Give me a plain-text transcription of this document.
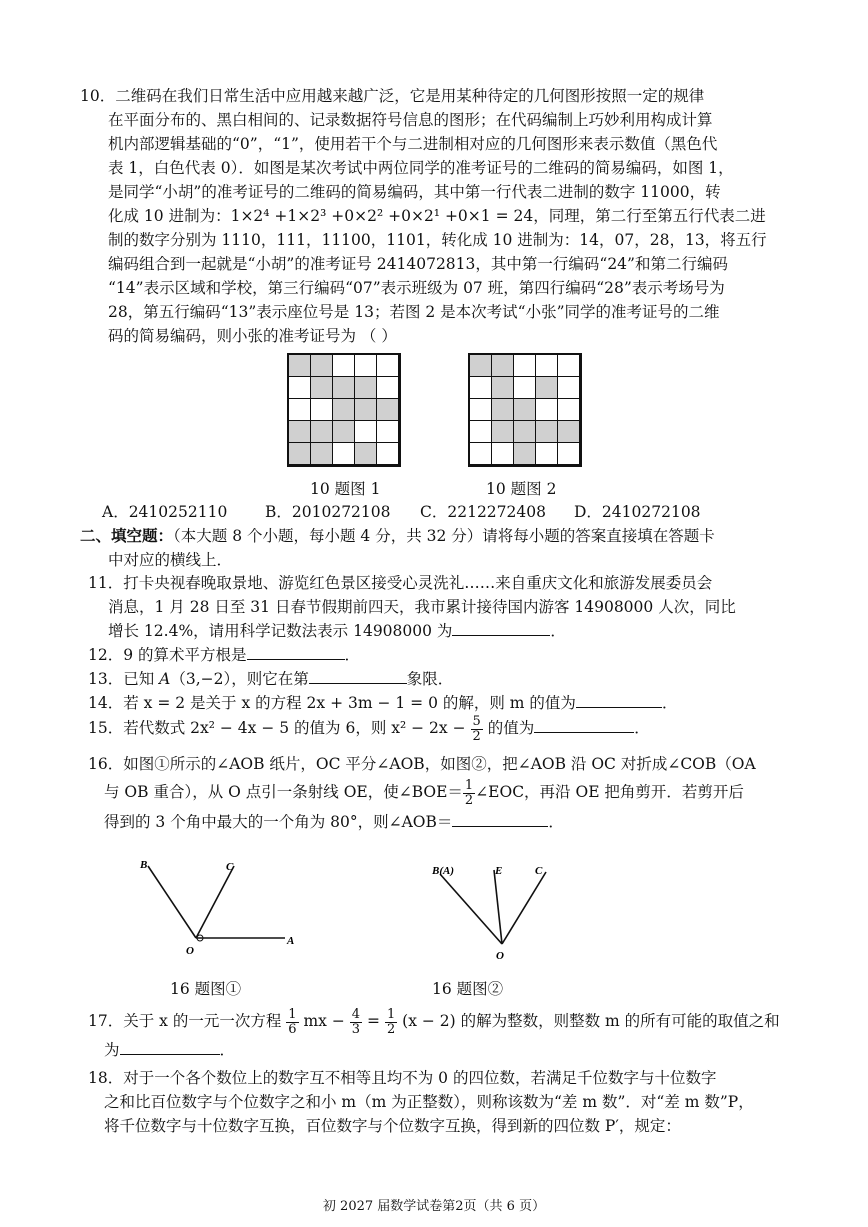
10．二维码在我们日常生活中应用越来越广泛，它是用某种待定的几何图形按照一定的规律
在平面分布的、黑白相间的、记录数据符号信息的图形；在代码编制上巧妙利用构成计算
机内部逻辑基础的“0”，“1”，使用若干个与二进制相对应的几何图形来表示数值（黑色代
表 1，白色代表 0）．如图是某次考试中两位同学的准考证号的二维码的简易编码，如图 1，
是同学“小胡”的准考证号的二维码的简易编码，其中第一行代表二进制的数字 11000，转
化成 10 进制为：1×2⁴ +1×2³ +0×2² +0×2¹ +0×1 = 24，同理，第二行至第五行代表二进
制的数字分别为 1110，111，11100，1101，转化成 10 进制为：14，07，28，13，将五行
编码组合到一起就是“小胡”的准考证号 2414072813，其中第一行编码“24”和第二行编码
“14”表示区域和学校，第三行编码“07”表示班级为 07 班，第四行编码“28”表示考场号为
28，第五行编码“13”表示座位号是 13；若图 2 是本次考试“小张”同学的准考证号的二维
码的简易编码，则小张的准考证号为 （ ）
10 题图 1	10 题图 2
A．2410252110 B．2010272108 C．2212272408 D．2410272108
二、填空题：（本大题 8 个小题，每小题 4 分，共 32 分）请将每小题的答案直接填在答题卡
中对应的横线上．
11．打卡央视春晚取景地、游览红色景区接受心灵洗礼……来自重庆文化和旅游发展委员会
消息，1 月 28 日至 31 日春节假期前四天，我市累计接待国内游客 14908000 人次，同比
增长 12.4%，请用科学记数法表示 14908000 为	．
12．9 的算术平方根是	．
13．已知 A（3,−2），则它在第	象限．
14．若 x = 2 是关于 x 的方程 2x + 3m − 1 = 0 的解，则 m 的值为	．
15．若代数式 2x² − 4x − 5 的值为 6，则 $x^2 - 2x - \frac{5}{2}$ 的值为	．
16．如图①所示的∠AOB 纸片，OC 平分∠AOB，如图②，把∠AOB 沿 OC 对折成∠COB（OA
与 OB 重合），从 O 点引一条射线 OE，使∠BOE＝ $\frac{1}{2}$ ∠EOC，再沿 OE 把角剪开．若剪开后
得到的 3 个角中最大的一个角为 80°，则∠AOB＝	．
B	C
O
A
B(A)	E	C
O
16 题图①	16 题图②
17．关于 x 的一元一次方程 $\frac{1}{6}$ mx − $\frac{4}{3} = \frac{1}{2} (x - 2)$ 的解为整数，则整数 m 的所有可能的取值之和
为	．
18．对于一个各个数位上的数字互不相等且均不为 0 的四位数，若满足千位数字与十位数字
之和比百位数字与个位数字之和小 m（m 为正整数），则称该数为“差 m 数”．对“差 m 数”P，
将千位数字与十位数字互换，百位数字与个位数字互换，得到新的四位数 P′，规定：
初 2027 届数学试卷第2页（共 6 页）
